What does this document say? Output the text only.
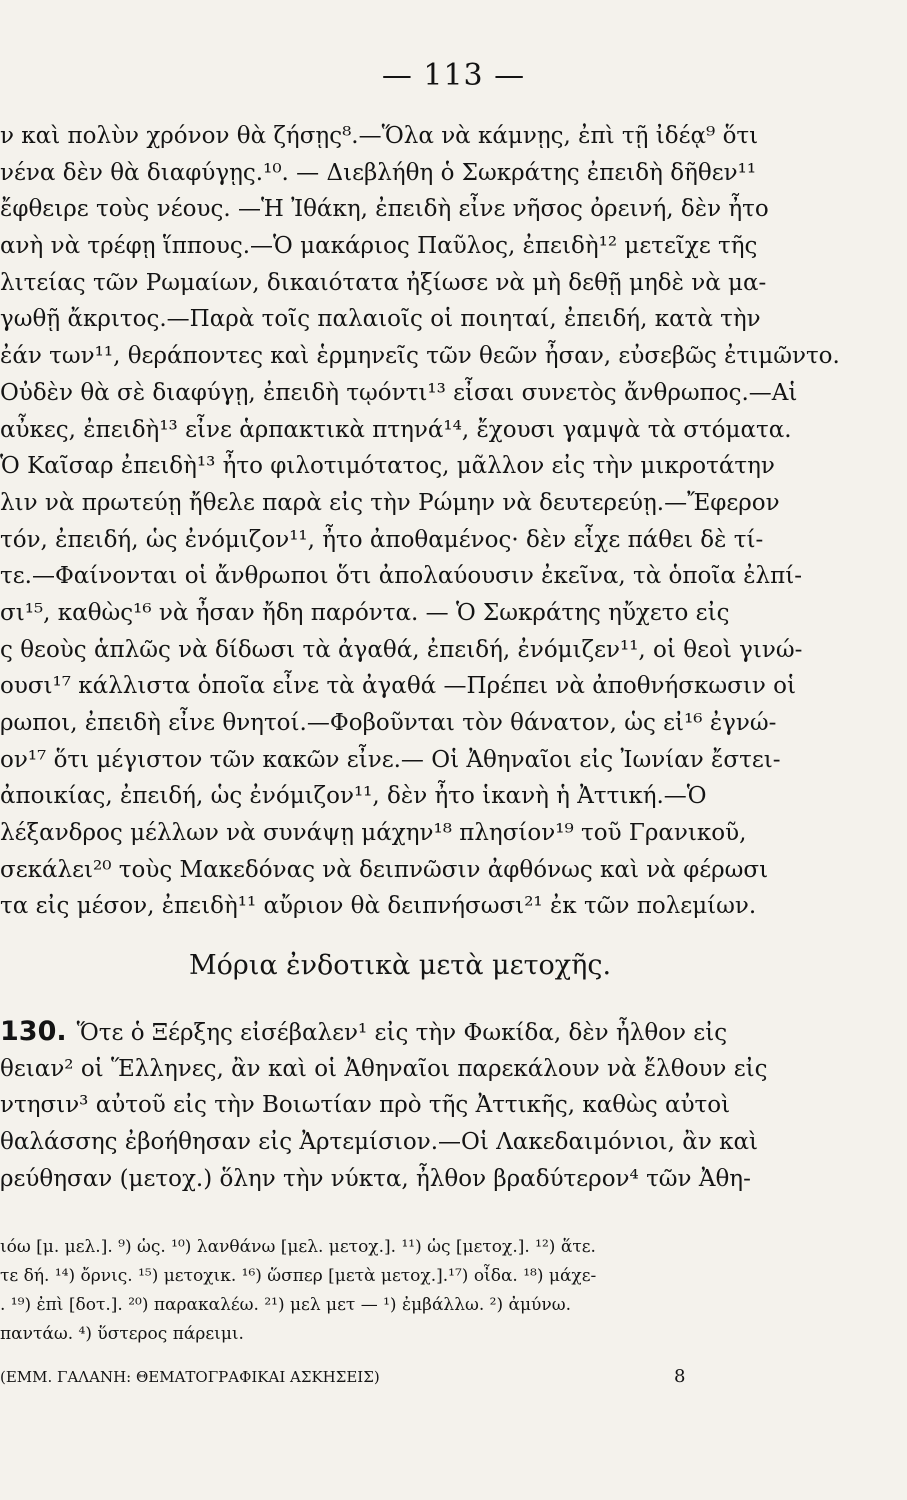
— 113 —
ν καὶ πολὺν χρόνον θὰ ζήσῃς⁸.—Ὅλα νὰ κάμνῃς, ἐπὶ τῇ ἰδέᾳ⁹ ὅτι
νένα δὲν θὰ διαφύγῃς.¹⁰. — Διεβλήθη ὁ Σωκράτης ἐπειδὴ δῆθεν¹¹
ἔφθειρε τοὺς νέους. —Ἡ Ἰθάκη, ἐπειδὴ εἶνε νῆσος ὀρεινή, δὲν ἦτο
ανὴ νὰ τρέφῃ ἵππους.—Ὁ μακάριος Παῦλος, ἐπειδὴ¹² μετεῖχε τῆς
λιτείας τῶν Ρωμαίων, δικαιότατα ἠξίωσε νὰ μὴ δεθῇ μηδὲ νὰ μα-
γωθῇ ἄκριτος.—Παρὰ τοῖς παλαιοῖς οἱ ποιηταί, ἐπειδή, κατὰ τὴν
ἐάν των¹¹, θεράποντες καὶ ἑρμηνεῖς τῶν θεῶν ἦσαν, εὐσεβῶς ἐτιμῶντο.
Οὐδὲν θὰ σὲ διαφύγῃ, ἐπειδὴ τῳόντι¹³ εἶσαι συνετὸς ἄνθρωπος.—Αἱ
αὖκες, ἐπειδὴ¹³ εἶνε ἁρπακτικὰ πτηνά¹⁴, ἔχουσι γαμψὰ τὰ στόματα.
Ὁ Καῖσαρ ἐπειδὴ¹³ ἦτο φιλοτιμότατος, μᾶλλον εἰς τὴν μικροτάτην
λιν νὰ πρωτεύῃ ἤθελε παρὰ εἰς τὴν Ρώμην νὰ δευτερεύῃ.—Ἔφερον
τόν, ἐπειδή, ὡς ἐνόμιζον¹¹, ἦτο ἀποθαμένος· δὲν εἶχε πάθει δὲ τί-
τε.—Φαίνονται οἱ ἄνθρωποι ὅτι ἀπολαύουσιν ἐκεῖνα, τὰ ὁποῖα ἐλπί-
σι¹⁵, καθὼς¹⁶ νὰ ἦσαν ἤδη παρόντα. — Ὁ Σωκράτης ηὔχετο εἰς
ς θεοὺς ἁπλῶς νὰ δίδωσι τὰ ἀγαθά, ἐπειδή, ἐνόμιζεν¹¹, οἱ θεοὶ γινώ-
ουσι¹⁷ κάλλιστα ὁποῖα εἶνε τὰ ἀγαθά —Πρέπει νὰ ἀποθνήσκωσιν οἱ
ρωποι, ἐπειδὴ εἶνε θνητοί.—Φοβοῦνται τὸν θάνατον, ὡς εἰ¹⁶ ἐγνώ-
ον¹⁷ ὅτι μέγιστον τῶν κακῶν εἶνε.— Οἱ Ἀθηναῖοι εἰς Ἰωνίαν ἔστει-
ἀποικίας, ἐπειδή, ὡς ἐνόμιζον¹¹, δὲν ἦτο ἱκανὴ ἡ Ἀττική.—Ὁ
λέξανδρος μέλλων νὰ συνάψῃ μάχην¹⁸ πλησίον¹⁹ τοῦ Γρανικοῦ,
σεκάλει²⁰ τοὺς Μακεδόνας νὰ δειπνῶσιν ἀφθόνως καὶ νὰ φέρωσι
τα εἰς μέσον, ἐπειδὴ¹¹ αὔριον θὰ δειπνήσωσι²¹ ἐκ τῶν πολεμίων.
Μόρια ἐνδοτικὰ μετὰ μετοχῆς.
130. Ὅτε ὁ Ξέρξης εἰσέβαλεν¹ εἰς τὴν Φωκίδα, δὲν ἦλθον εἰς
θειαν² οἱ Ἕλληνες, ἂν καὶ οἱ Ἀθηναῖοι παρεκάλουν νὰ ἔλθουν εἰς
ντησιν³ αὐτοῦ εἰς τὴν Βοιωτίαν πρὸ τῆς Ἀττικῆς, καθὼς αὐτοὶ
θαλάσσης ἐβοήθησαν εἰς Ἀρτεμίσιον.—Οἱ Λακεδαιμόνιοι, ἂν καὶ
ρεύθησαν (μετοχ.) ὅλην τὴν νύκτα, ἦλθον βραδύτερον⁴ τῶν Ἀθη-
ιόω [μ. μελ.]. ⁹) ὡς. ¹⁰) λανθάνω [μελ. μετοχ.]. ¹¹) ὡς [μετοχ.]. ¹²) ἅτε.
τε δή. ¹⁴) ὄρνις. ¹⁵) μετοχικ. ¹⁶) ὥσπερ [μετὰ μετοχ.].¹⁷) οἶδα. ¹⁸) μάχε-
. ¹⁹) ἐπὶ [δοτ.]. ²⁰) παρακαλέω. ²¹) μελ μετ — ¹) ἐμβάλλω. ²) ἀμύνω.
παντάω. ⁴) ὕστερος πάρειμι.
(ΕΜΜ. ΓΑΛΑΝΗ: ΘΕΜΑΤΟΓΡΑΦΙΚΑΙ ΑΣΚΗΣΕΙΣ)	8
